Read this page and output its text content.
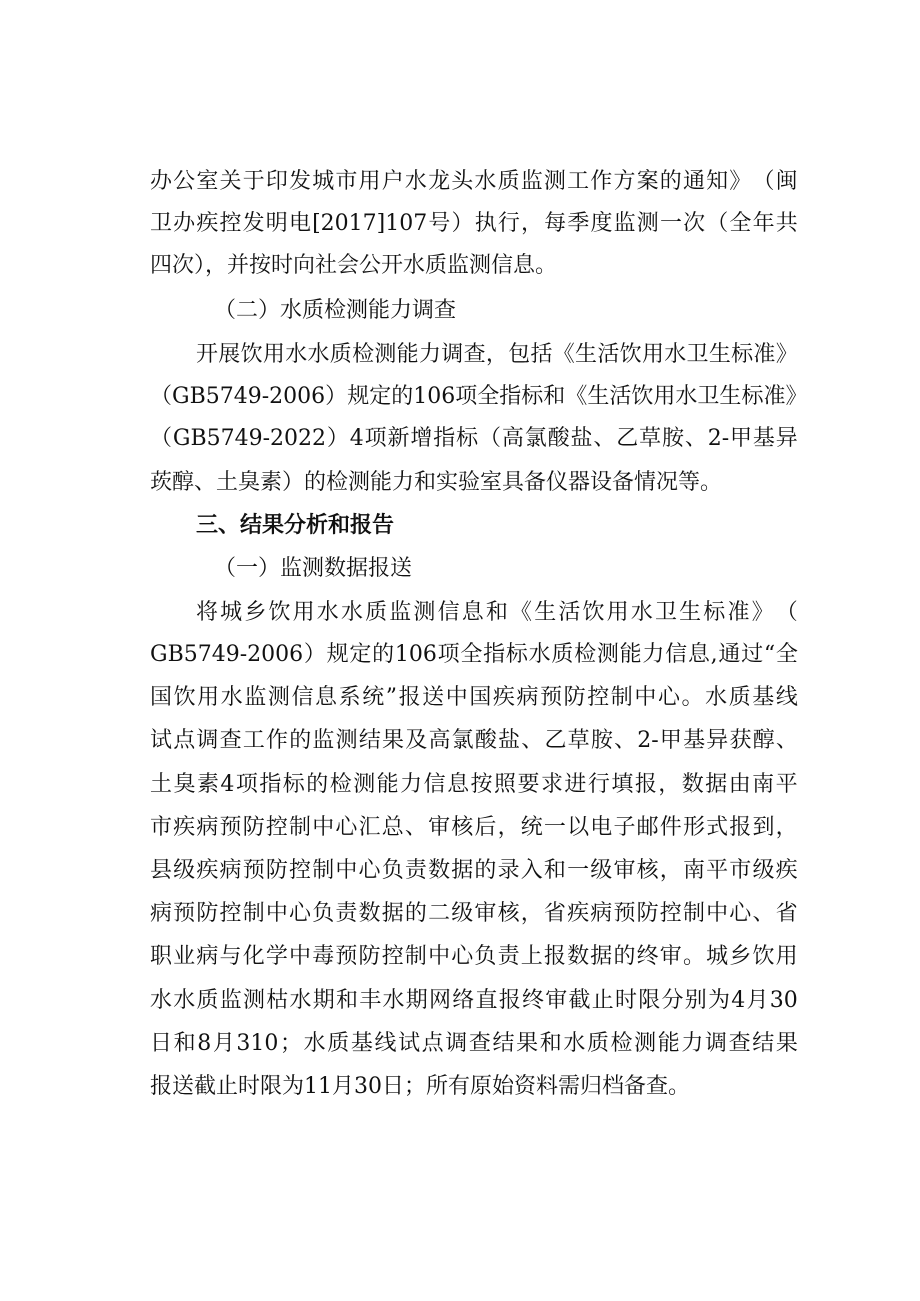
办 公 室 关 于 印 发 城 市 用 户 水 龙 头 水 质 监 测 工 作 方 案 的 通 知 》 （ 闽
卫 办 疾 控 发 明 电 [2017]107 号 ） 执 行 ， 每 季 度 监 测 一 次 （ 全 年 共
四次），并按时向社会公开水质监测信息。
（二）水质检测能力调查
开 展 饮 用 水 水 质 检 测 能 力 调 查 ， 包 括 《 生 活 饮 用 水 卫 生 标 准 》
（ GB5749-2006 ） 规 定 的 106 项 全 指 标 和 《 生 活 饮 用 水 卫 生 标 准 》
（ GB5749-2022 ） 4 项 新 增 指 标 （ 高 氯 酸 盐 、 乙 草 胺 、 2- 甲 基 异
莰醇、土臭素）的检测能力和实验室具备仪器设备情况等。
三、结果分析和报告
（一）监测数据报送
将 城 乡 饮 用 水 水 质 监 测 信 息 和 《 生 活 饮 用 水 卫 生 标 准 》 （
GB5749-2006 ） 规 定 的 106 项 全 指 标 水 质 检 测 能 力 信 息 , 通 过 “ 全
国 饮 用 水 监 测 信 息 系 统 ” 报 送 中 国 疾 病 预 防 控 制 中 心 。 水 质 基 线
试 点 调 查 工 作 的 监 测 结 果 及 高 氯 酸 盐 、 乙 草 胺 、 2- 甲 基 异 获 醇 、
土 臭 素 4 项 指 标 的 检 测 能 力 信 息 按 照 要 求 进 行 填 报 ， 数 据 由 南 平
市 疾 病 预 防 控 制 中 心 汇 总 、 审 核 后 ， 统 一 以 电 子 邮 件 形 式 报 到 ，
县 级 疾 病 预 防 控 制 中 心 负 责 数 据 的 录 入 和 一 级 审 核 ， 南 平 市 级 疾
病 预 防 控 制 中 心 负 责 数 据 的 二 级 审 核 ， 省 疾 病 预 防 控 制 中 心 、 省
职 业 病 与 化 学 中 毒 预 防 控 制 中 心 负 责 上 报 数 据 的 终 审 。 城 乡 饮 用
水 水 质 监 测 枯 水 期 和 丰 水 期 网 络 直 报 终 审 截 止 时 限 分 别 为 4 月 30
日 和 8 月 310 ； 水 质 基 线 试 点 调 查 结 果 和 水 质 检 测 能 力 调 查 结 果
报送截止时限为11月30日；所有原始资料需归档备查。
